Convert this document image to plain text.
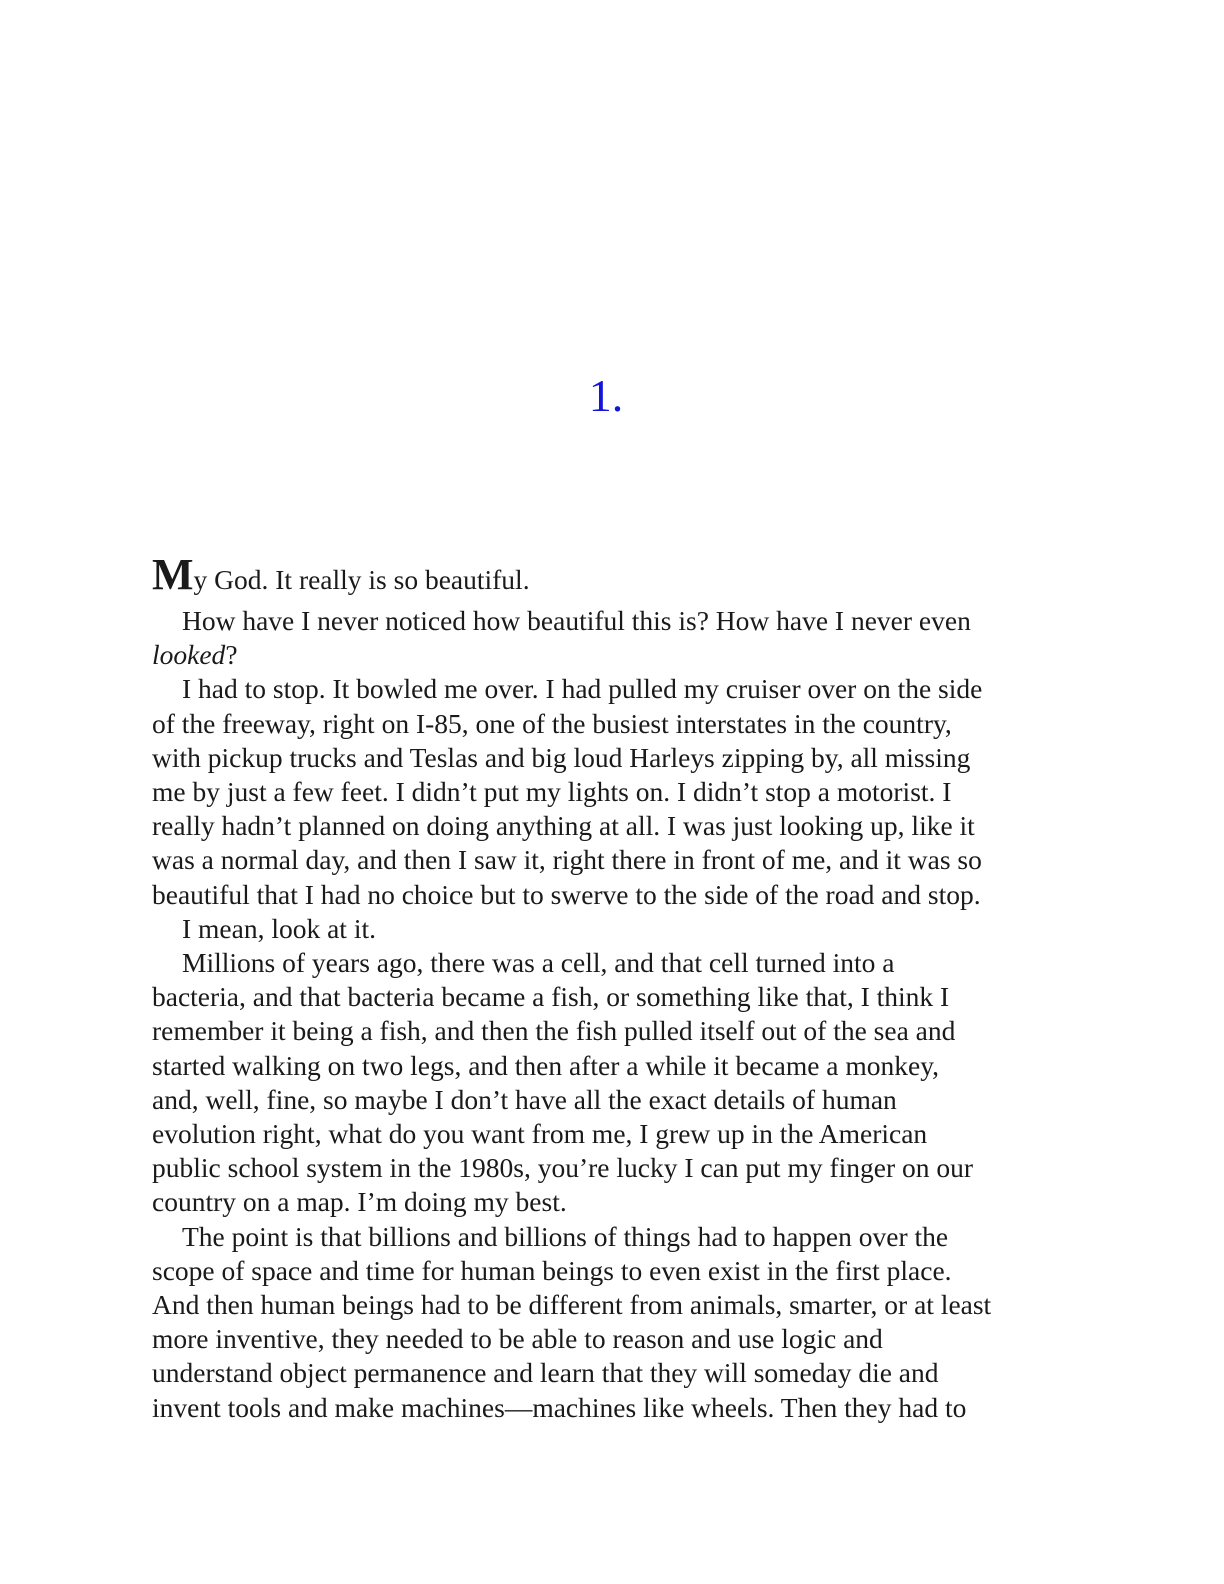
1.

My God. It really is so beautiful.

How have I never noticed how beautiful this is? How have I never even

looked?

I had to stop. It bowled me over. I had pulled my cruiser over on the side

of the freeway, right on I-85, one of the busiest interstates in the country,

with pickup trucks and Teslas and big loud Harleys zipping by, all missing

me by just a few feet. I didn’t put my lights on. I didn’t stop a motorist. I

really hadn’t planned on doing anything at all. I was just looking up, like it

was a normal day, and then I saw it, right there in front of me, and it was so

beautiful that I had no choice but to swerve to the side of the road and stop.

I mean, look at it.

Millions of years ago, there was a cell, and that cell turned into a

bacteria, and that bacteria became a fish, or something like that, I think I

remember it being a fish, and then the fish pulled itself out of the sea and

started walking on two legs, and then after a while it became a monkey,

and, well, fine, so maybe I don’t have all the exact details of human

evolution right, what do you want from me, I grew up in the American

public school system in the 1980s, you’re lucky I can put my finger on our

country on a map. I’m doing my best.

The point is that billions and billions of things had to happen over the

scope of space and time for human beings to even exist in the first place.

And then human beings had to be different from animals, smarter, or at least

more inventive, they needed to be able to reason and use logic and

understand object permanence and learn that they will someday die and

invent tools and make machines—machines like wheels. Then they had to
